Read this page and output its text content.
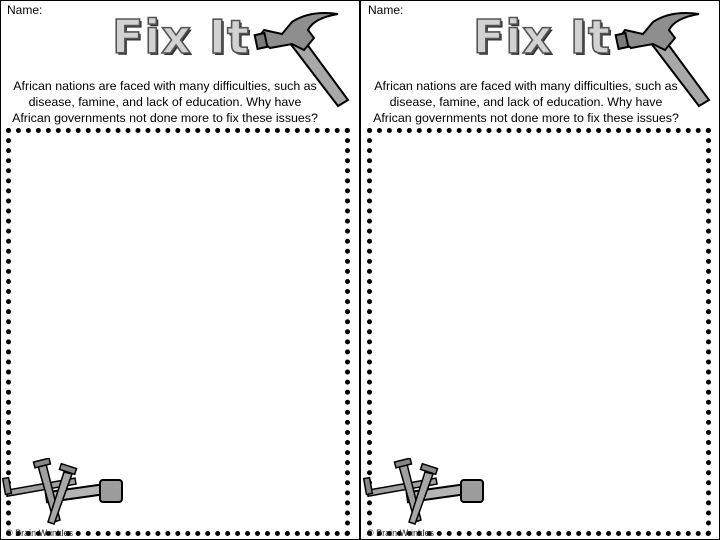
Name: Fix It
African nations are faced with many difficulties, such as disease, famine, and lack of education. Why have African governments not done more to fix these issues?
© Brain Wrinkles
Name: Fix It
African nations are faced with many difficulties, such as disease, famine, and lack of education. Why have African governments not done more to fix these issues?
© Brain Wrinkles
